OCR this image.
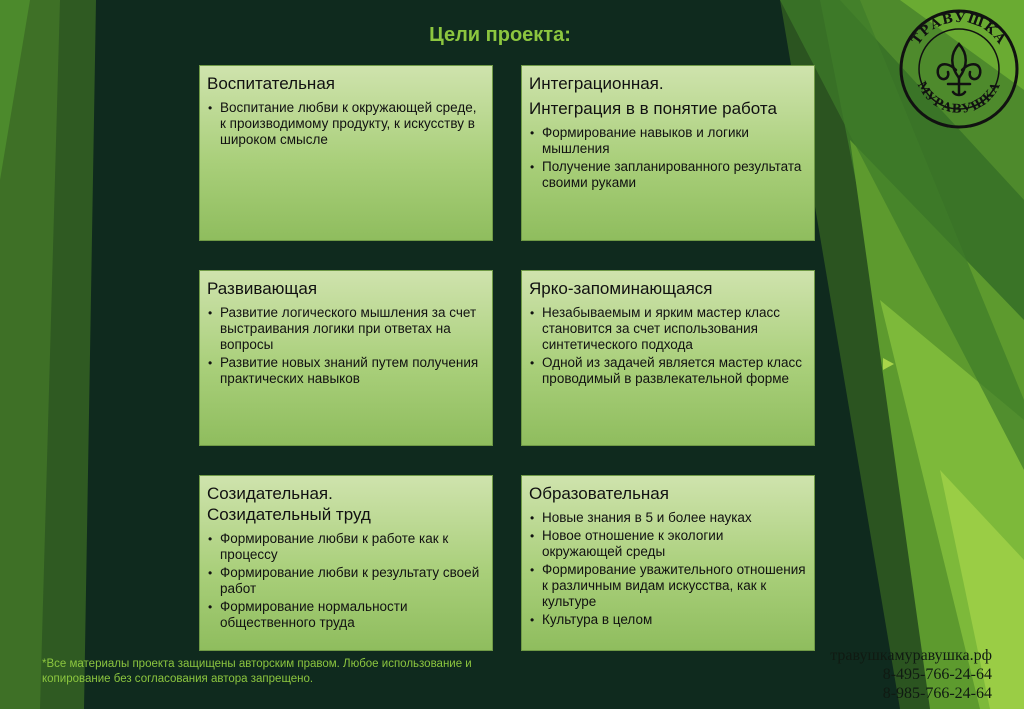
Цели проекта:	ТРАВУШКА
МУРАВУШКА
Воспитательная
• Воспитание любви к окружающей среде, к производимому продукту, к искусству в широком смысле
Интеграционная.
Интеграция в в понятие работа
• Формирование навыков и логики мышления
• Получение запланированного результата своими руками
Развивающая
• Развитие логического мышления за счет выстраивания логики при ответах на вопросы
• Развитие новых знаний путем получения практических навыков
Ярко-запоминающаяся
• Незабываемым и ярким мастер класс становится за счет использования синтетического подхода
• Одной из задачей является мастер класс проводимый в развлекательной форме
Созидательная.
Созидательный труд
• Формирование любви к работе как к процессу
• Формирование любви к результату своей работ
• Формирование нормальности общественного труда
Образовательная
• Новые знания в 5 и более науках
• Новое отношение к экологии окружающей среды
• Формирование уважительного отношения к различным видам искусства, как к культуре
• Культура в целом
*Все материалы проекта защищены авторским правом. Любое использование и копирование без согласования автора запрещено.
травушкамуравушка.рф
8-495-766-24-64
8-985-766-24-64
